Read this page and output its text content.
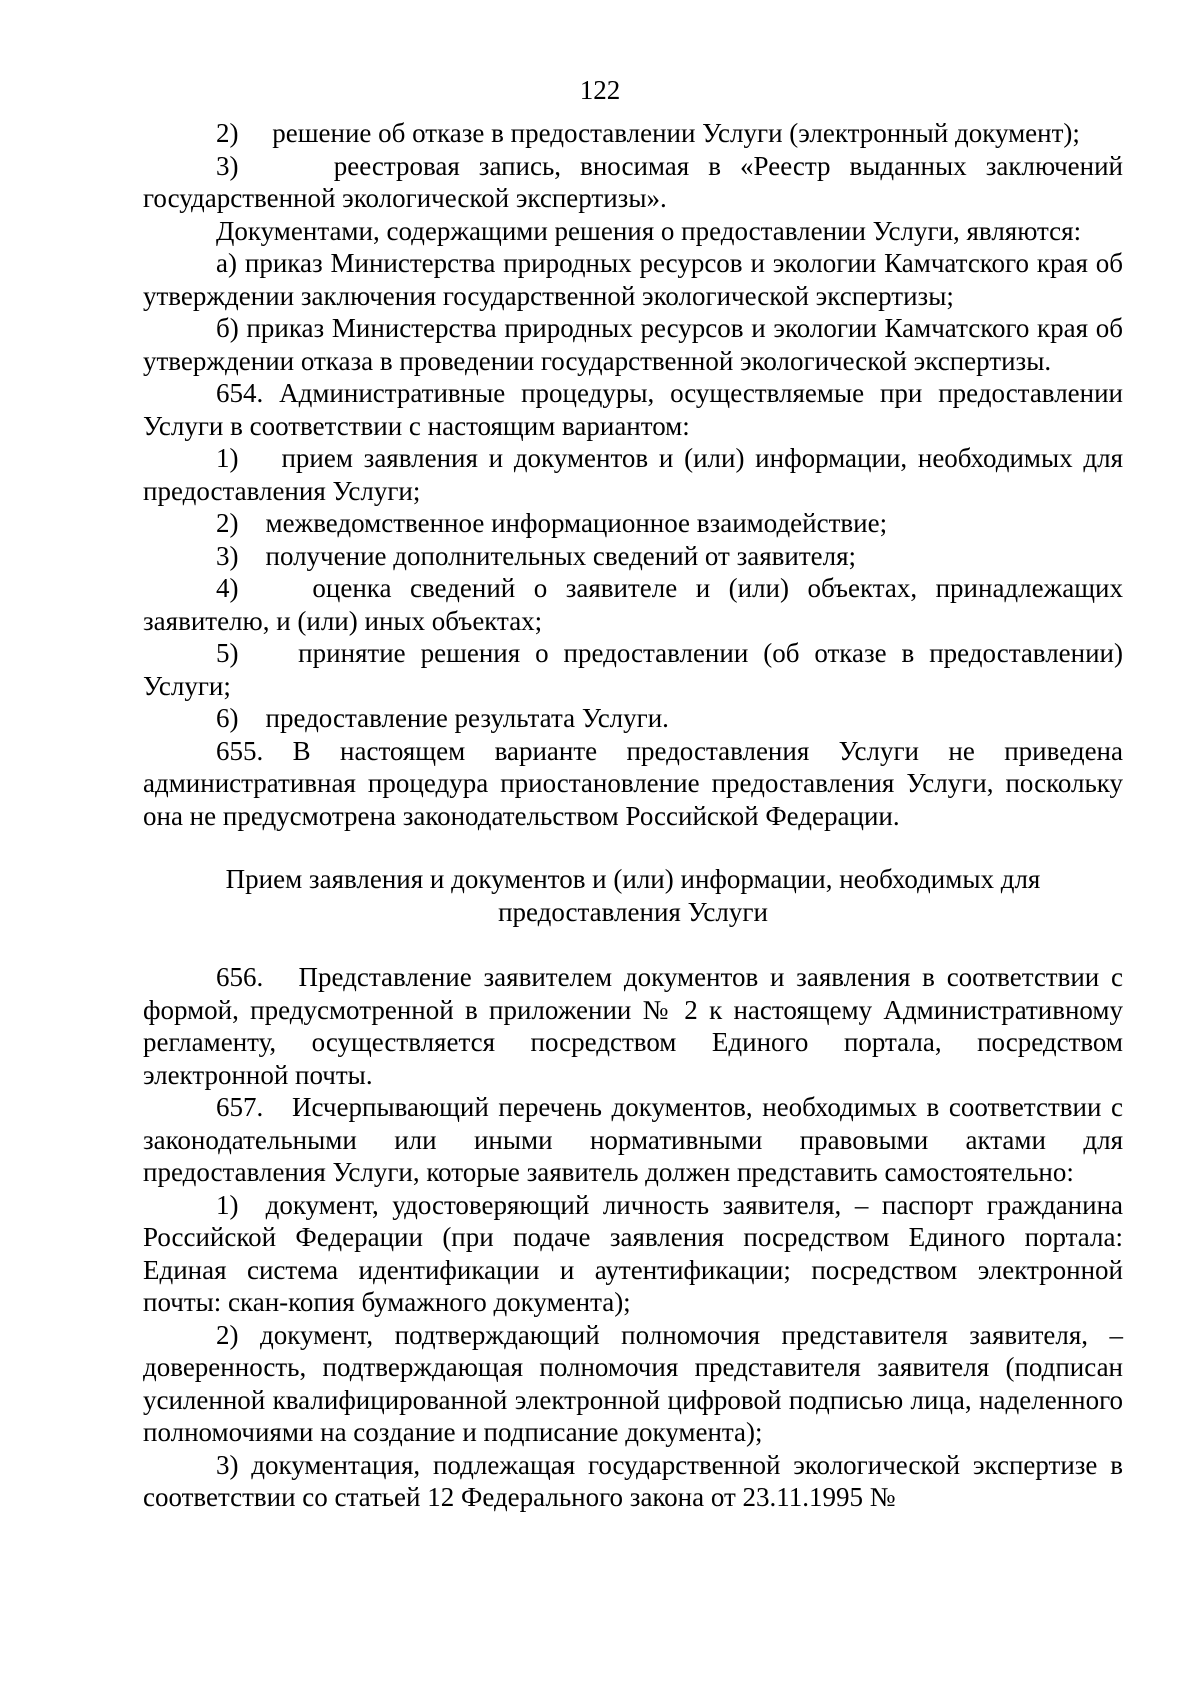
122

2)     решение об отказе в предоставлении Услуги (электронный документ);

3)     реестровая запись, вносимая в «Реестр выданных заключений государственной экологической экспертизы».

Документами, содержащими решения о предоставлении Услуги, являются:

а) приказ Министерства природных ресурсов и экологии Камчатского края об утверждении заключения государственной экологической экспертизы;

б) приказ Министерства природных ресурсов и экологии Камчатского края об утверждении отказа в проведении государственной экологической экспертизы.

654. Административные процедуры, осуществляемые при предоставлении Услуги в соответствии с настоящим вариантом:

1)    прием заявления и документов и (или) информации, необходимых для предоставления Услуги;

2)    межведомственное информационное взаимодействие;

3)    получение дополнительных сведений от заявителя;

4)    оценка сведений о заявителе и (или) объектах, принадлежащих заявителю, и (или) иных объектах;

5)    принятие решения о предоставлении (об отказе в предоставлении) Услуги;

6)    предоставление результата Услуги.

655. В настоящем варианте предоставления Услуги не приведена административная процедура приостановление предоставления Услуги, поскольку она не предусмотрена законодательством Российской Федерации.

Прием заявления и документов и (или) информации, необходимых для предоставления Услуги

656.   Представление заявителем документов и заявления в соответствии с формой, предусмотренной в приложении № 2 к настоящему Административному регламенту, осуществляется посредством Единого портала, посредством электронной почты.

657.   Исчерпывающий перечень документов, необходимых в соответствии с законодательными или иными нормативными правовыми актами для предоставления Услуги, которые заявитель должен представить самостоятельно:

1)  документ, удостоверяющий личность заявителя, – паспорт гражданина Российской Федерации (при подаче заявления посредством Единого портала: Единая система идентификации и аутентификации; посредством электронной почты: скан-копия бумажного документа);

2) документ, подтверждающий полномочия представителя заявителя, – доверенность, подтверждающая полномочия представителя заявителя (подписан усиленной квалифицированной электронной цифровой подписью лица, наделенного полномочиями на создание и подписание документа);

3) документация, подлежащая государственной экологической экспертизе в соответствии со статьей 12 Федерального закона от 23.11.1995 №
